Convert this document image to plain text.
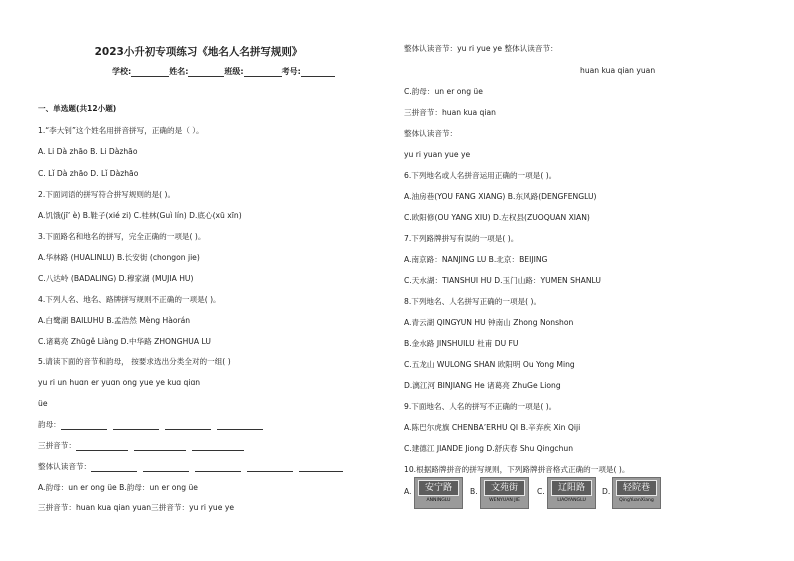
2023小升初专项练习《地名人名拼写规则》
学校:	姓名:	班级:	考号:
一、单选题(共12小题)
1.“李大钊”这个姓名用拼音拼写，正确的是（ ）。
A. Li Dà zhāo B. Li Dàzhāo
C. Lǐ Dà zhāo D. Lǐ Dàzhāo
2.下面词语的拼写符合拼写规则的是( )。
A.饥饿(jī’ è) B.鞋子(xié zi) C.桂林(Guì lín) D.底心(xū xīn)
3.下面路名和地名的拼写，完全正确的一项是( )。
A.华林路 (HUALINLU) B.长安街 (chongon jie)
C.八达岭 (BADALING) D.穆家湖 (MUJIA HU)
4.下列人名、地名、路牌拼写规则不正确的一项是( )。
A.白鹭湖 BAILUHU B.孟浩然 Mèng Hàorán
C.诸葛亮 Zhūgě Liàng D.中华路 ZHONGHUA LU
5.请读下面的音节和韵母， 按要求选出分类全对的一组( )
yu ri un huɑn er yuɑn ong yue ye kuɑ qiɑn
üe
韵母：
三拼音节：
整体认读音节：
A.韵母：un er ong üe B.韵母：un er ong üe
三拼音节：huan kua qian yuan三拼音节：yu ri yue ye
整体认读音节：yu ri yue ye 整体认读音节：
huan kua qian yuan
C.韵母：un er ong üe
三拼音节：huan kua qian
整体认读音节：
yu ri yuan yue ye
6.下列地名或人名拼音运用正确的一项是( )。
A.油房巷(YOU FANG XIANG) B.东风路(DENGFENGLU)
C.欧阳修(OU YANG XIU) D.左权县(ZUOQUAN XIAN)
7.下列路牌拼写有误的一项是( )。
A.南京路：NANJING LU B.北京：BEIJING
C.天水湖：TIANSHUI HU D.玉门山路：YUMEN SHANLU
8.下列地名、人名拼写正确的一项是( )。
A.青云湖 QINGYUN HU 钟南山 Zhong Nonshon
B.金水路 JINSHUILU 杜甫 DU FU
C.五龙山 WULONG SHAN 欧阳明 Ou Yong Ming
D.漓江河 BINJIANG He 诸葛亮 ZhuGe Liong
9.下面地名、人名的拼写不正确的一项是( )。
A.陈巴尔虎旗 CHENBA’ERHU QI B.辛弃疾 Xin Qiji
C.建德江 JIANDE Jiong D.舒庆春 Shu Qingchun
10.根据路牌拼音的拼写规则，下列路牌拼音格式正确的一项是( )。
A.	安宁路
ANNINGLU
B.	文苑街
WENYUAN JIE
C.	辽阳路
LIAOYANGLU
D.	轻院巷
QingYuanXiang
